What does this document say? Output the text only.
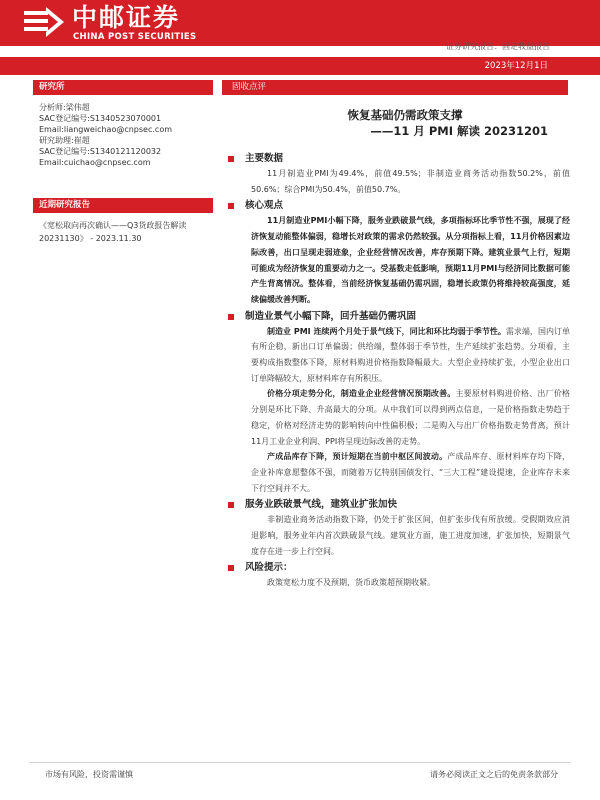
中邮证券
CHINA POST SECURITIES
证券研究报告：固定收益报告
2023年12月1日
研究所
分析师:梁伟超
SAC登记编号:S1340523070001
Email:liangweichao@cnpsec.com
研究助理:崔超
SAC登记编号:S1340121120032
Email:cuichao@cnpsec.com
近期研究报告
《宽松取向再次确认——Q3货政报告解读 20231130》 - 2023.11.30
固收点评
恢复基础仍需政策支撑
——11 月 PMI 解读 20231201
主要数据

11月制造业PMI为49.4%，前值49.5%；非制造业商务活动指数50.2%，前值50.6%；综合PMI为50.4%，前值50.7%。

核心观点

11月制造业PMI小幅下降，服务业跌破景气线，多项指标环比季节性不强，展现了经济恢复动能整体偏弱，稳增长对政策的需求仍然较强。从分项指标上看，11月价格因素边际改善，出口呈现走弱迹象，企业经营情况改善，库存预期下降。建筑业景气上行，短期可能成为经济恢复的重要动力之一。受基数走低影响，预期11月PMI与经济同比数据可能产生背离情况。整体看，当前经济恢复基础仍需巩固，稳增长政策仍将维持较高强度，延续偏缓改善判断。

制造业景气小幅下降，回升基础仍需巩固

制造业 PMI 连续两个月处于景气线下，同比和环比均弱于季节性。需求端，国内订单有所企稳，新出口订单偏弱；供给端，整体弱于季节性，生产延续扩张趋势。分项看，主要构成指数整体下降，原材料购进价格指数降幅最大。大型企业持续扩张，小型企业出口订单降幅较大，原材料库存有所积压。

价格分项走势分化，制造业企业经营情况预期改善。主要原材料购进价格、出厂价格分别是环比下降、升高最大的分项。从中我们可以得到两点信息，一是价格指数走势趋于稳定，价格对经济走势的影响转向中性偏积极；二是购入与出厂价格指数走势背离，预计11月工业企业利润、PPI将呈现边际改善的走势。

产成品库存下降，预计短期在当前中枢区间波动。产成品库存、原材料库存均下降，企业补库意愿整体不强，而随着万亿特别国债发行、“三大工程”建设提速，企业库存未来下行空间并不大。

服务业跌破景气线，建筑业扩张加快

非制造业商务活动指数下降，仍处于扩张区间，但扩张步伐有所放缓。受假期效应消退影响，服务业年内首次跌破景气线。建筑业方面，施工进度加速，扩张加快，短期景气度存在进一步上行空间。

风险提示：

政策宽松力度不及预期，货币政策超预期收紧。

市场有风险，投资需谨慎	请务必阅读正文之后的免责条款部分
